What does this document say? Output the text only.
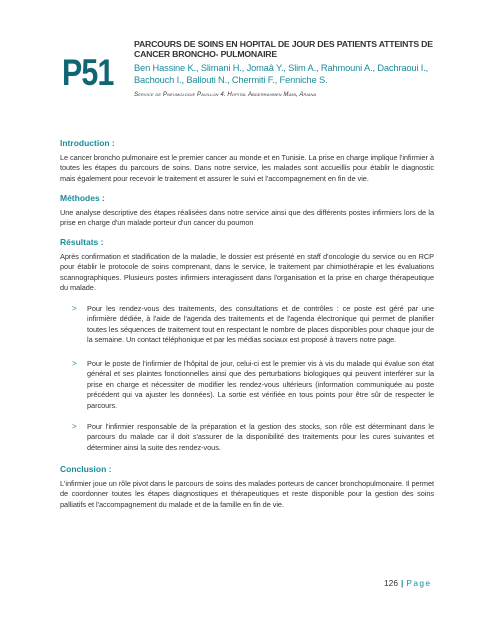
P51

PARCOURS DE SOINS EN HOPITAL DE JOUR DES PATIENTS ATTEINTS DE CANCER BRONCHO- PULMONAIRE

Ben Hassine K., Slimani H., Jomaâ Y., Slim A., Rahmouni A., Dachraoui I., Bachouch I., Ballouti N., Chermiti F., Fenniche S.
Service de Pneumologie Pavillon 4. Hopital Abderrahmen Mami, Ariana

Introduction :

Le cancer broncho pulmonaire est le premier cancer au monde et en Tunisie. La prise en charge implique l'infirmier à toutes les étapes du parcours de soins. Dans notre service, les malades sont accueillis pour établir le diagnostic mais également pour recevoir le traitement et assurer le suivi et l'accompagnement en fin de vie.

Méthodes :

Une analyse descriptive des étapes réalisées dans notre service ainsi que des différents postes infirmiers lors de la prise en charge d'un malade porteur d'un cancer du poumon

Résultats :

Après confirmation et stadification de la maladie, le dossier est présenté en staff d'oncologie du service ou en RCP pour établir le protocole de soins comprenant, dans le service, le traitement par chimiothérapie et les évaluations scannographiques. Plusieurs postes infirmiers interagissent dans l'organisation et la prise en charge thérapeutique du malade.

> Pour les rendez-vous des traitements, des consultations et de contrôles : ce poste est géré par une infirmière dédiée, à l'aide de l'agenda des traitements et de l'agenda électronique qui permet de planifier toutes les séquences de traitement tout en respectant le nombre de places disponibles pour chaque jour de la semaine. Un contact téléphonique et par les médias sociaux est proposé à travers notre page.

> Pour le poste de l'infirmier de l'hôpital de jour, celui-ci est le premier vis à vis du malade qui évalue son état général et ses plaintes fonctionnelles ainsi que des perturbations biologiques qui peuvent interférer sur la prise en charge et nécessiter de modifier les rendez-vous ultérieurs (information communiquée au poste précédent qui va ajuster les données). La sortie est vérifiée en tous points pour être sûr de respecter le parcours.

> Pour l'infirmier responsable de la préparation et la gestion des stocks, son rôle est déterminant dans le parcours du malade car il doit s'assurer de la disponibilité des traitements pour les cures suivantes et déterminer ainsi la suite des rendez-vous.

Conclusion :

L'infirmier joue un rôle pivot dans le parcours de soins des malades porteurs de cancer bronchopulmonaire. Il permet de coordonner toutes les étapes diagnostiques et thérapeutiques et reste disponible pour la gestion des soins palliatifs et l'accompagnement du malade et de la famille en fin de vie.

126 | Page
